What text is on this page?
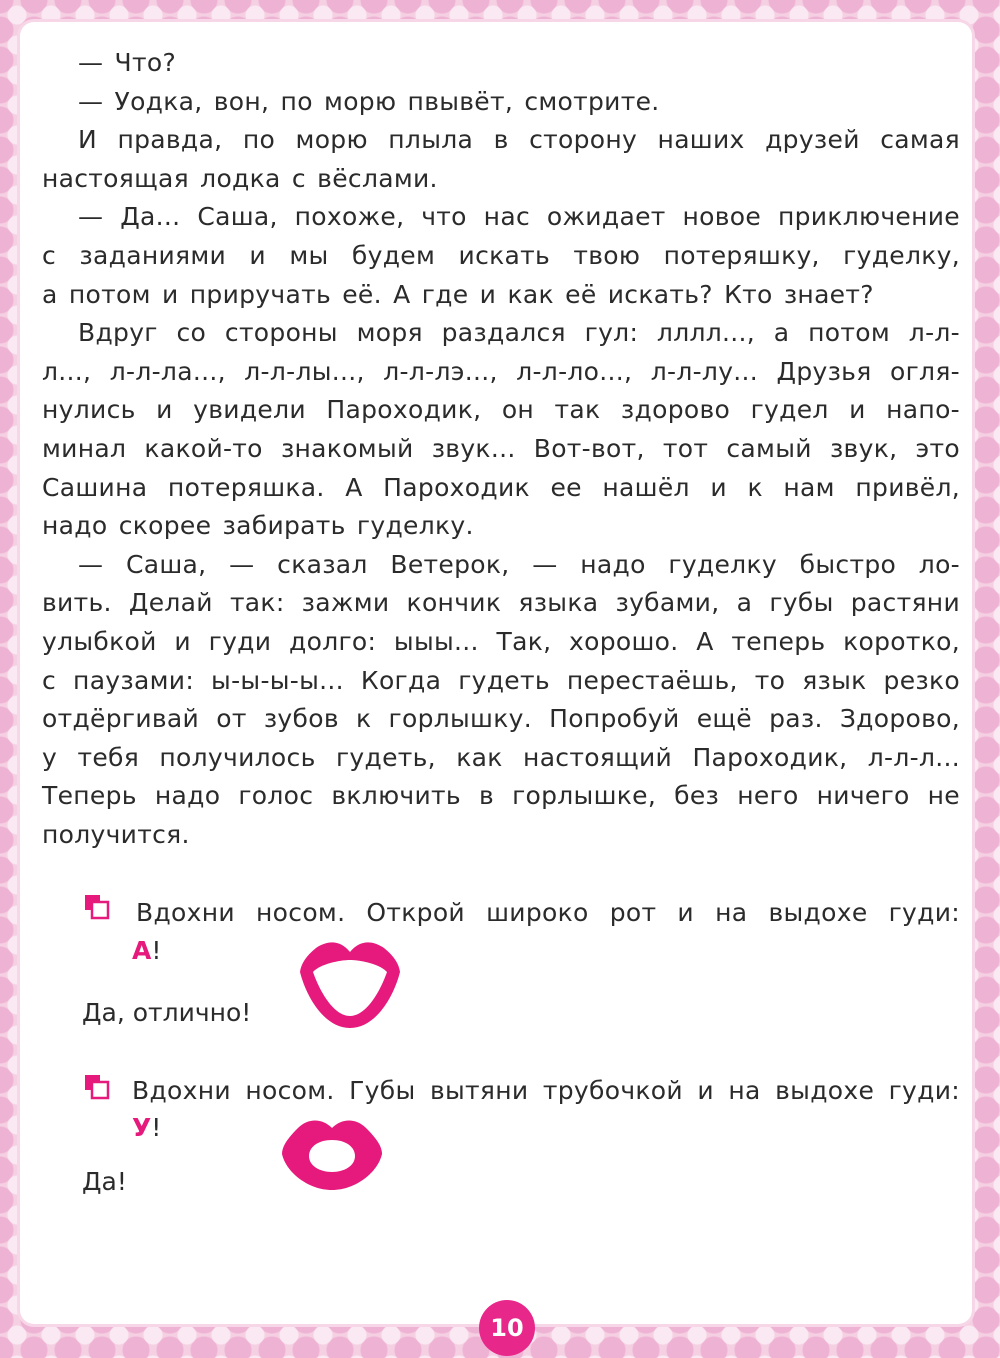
— Что?

— Уодка, вон, по морю пвывёт, смотрите.

И правда, по морю плыла в сторону наших друзей самая

настоящая лодка с вёслами.

— Да... Саша, похоже, что нас ожидает новое приключение

с заданиями и мы будем искать твою потеряшку, гуделку,

а потом и приручать её. А где и как её искать? Кто знает?

Вдруг со стороны моря раздался гул: лллл..., а потом л-л-

л..., л-л-ла..., л-л-лы..., л-л-лэ..., л-л-ло..., л-л-лу... Друзья огля-

нулись и увидели Пароходик, он так здорово гудел и напо-

минал какой-то знакомый звук... Вот-вот, тот самый звук, это

Сашина потеряшка. А Пароходик ее нашёл и к нам привёл,

надо скорее забирать гуделку.

— Саша, — сказал Ветерок, — надо гуделку быстро ло-

вить. Делай так: зажми кончик языка зубами, а губы растяни

улыбкой и гуди долго: ыыы... Так, хорошо. А теперь коротко,

с паузами: ы-ы-ы-ы... Когда гудеть перестаёшь, то язык резко

отдёргивай от зубов к горлышку. Попробуй ещё раз. Здорово,

у тебя получилось гудеть, как настоящий Пароходик, л-л-л...

Теперь надо голос включить в горлышке, без него ничего не

получится.

Вдохни носом. Открой широко рот и на выдохе гуди:
А!
Да, отлично!
Вдохни носом. Губы вытяни трубочкой и на выдохе гуди:
У!
Да!
10
